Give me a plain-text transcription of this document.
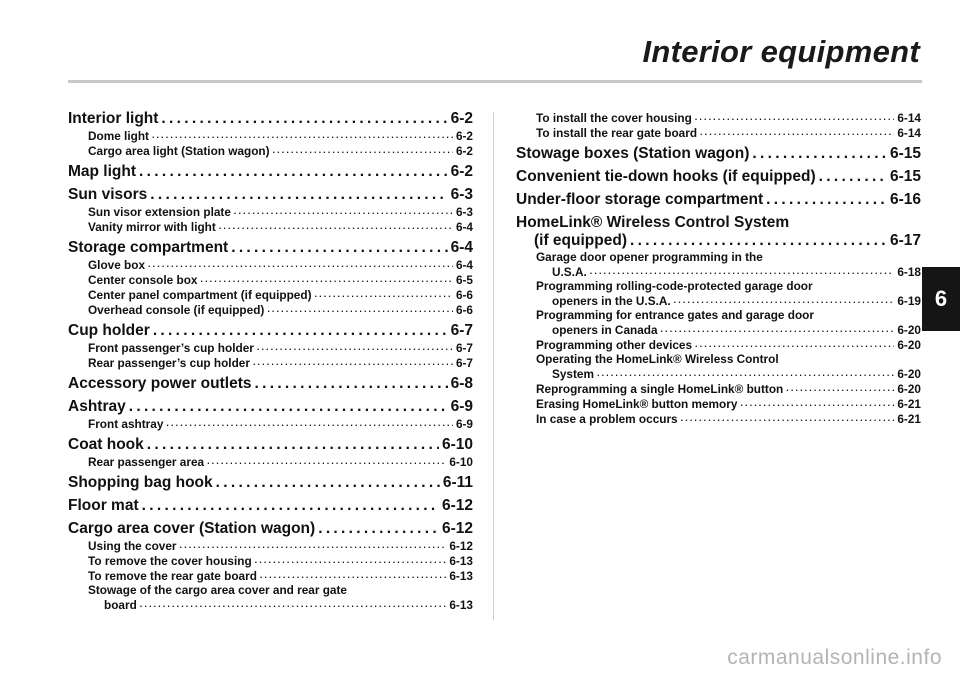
Interior equipment
6
Interior light . . .	6-2
Dome light . . .	6-2
Cargo area light (Station wagon) . . .	6-2
Map light . . .	6-2
Sun visors . . .	6-3
Sun visor extension plate . . .	6-3
Vanity mirror with light . . .	6-4
Storage compartment . . .	6-4
Glove box . . .	6-4
Center console box . . .	6-5
Center panel compartment (if equipped) . . .	6-6
Overhead console (if equipped) . . .	6-6
Cup holder . . .	6-7
Front passenger’s cup holder . . .	6-7
Rear passenger’s cup holder . . .	6-7
Accessory power outlets . . .	6-8
Ashtray . . .	6-9
Front ashtray . . .	6-9
Coat hook . . .	6-10
Rear passenger area . . .	6-10
Shopping bag hook . . .	6-11
Floor mat . . .	6-12
Cargo area cover (Station wagon) . . .	6-12
Using the cover . . .	6-12
To remove the cover housing . . .	6-13
To remove the rear gate board . . .	6-13
Stowage of the cargo area cover and rear gate
board . . .	6-13
To install the cover housing . . .	6-14
To install the rear gate board . . .	6-14
Stowage boxes (Station wagon) . . .	6-15
Convenient tie-down hooks (if equipped) . . .	6-15
Under-floor storage compartment . . .	6-16
HomeLink® Wireless Control System
(if equipped) . . .	6-17
Garage door opener programming in the
U.S.A. . . .	6-18
Programming rolling-code-protected garage door
openers in the U.S.A. . . .	6-19
Programming for entrance gates and garage door
openers in Canada . . .	6-20
Programming other devices . . .	6-20
Operating the HomeLink® Wireless Control
System . . .	6-20
Reprogramming a single HomeLink® button . . .	6-20
Erasing HomeLink® button memory . . .	6-21
In case a problem occurs . . .	6-21
carmanualsonline.info
